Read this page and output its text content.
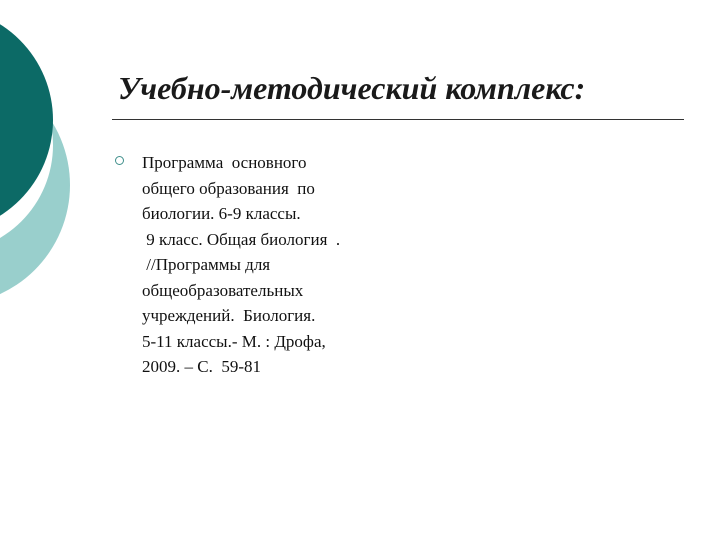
Учебно-методический комплекс:
Программа  основного
общего образования  по
биологии. 6-9 классы.
9 класс. Общая биология  .
//Программы для
общеобразовательных
учреждений.  Биология.
5-11 классы.- М. : Дрофа,
2009. – С.  59-81
